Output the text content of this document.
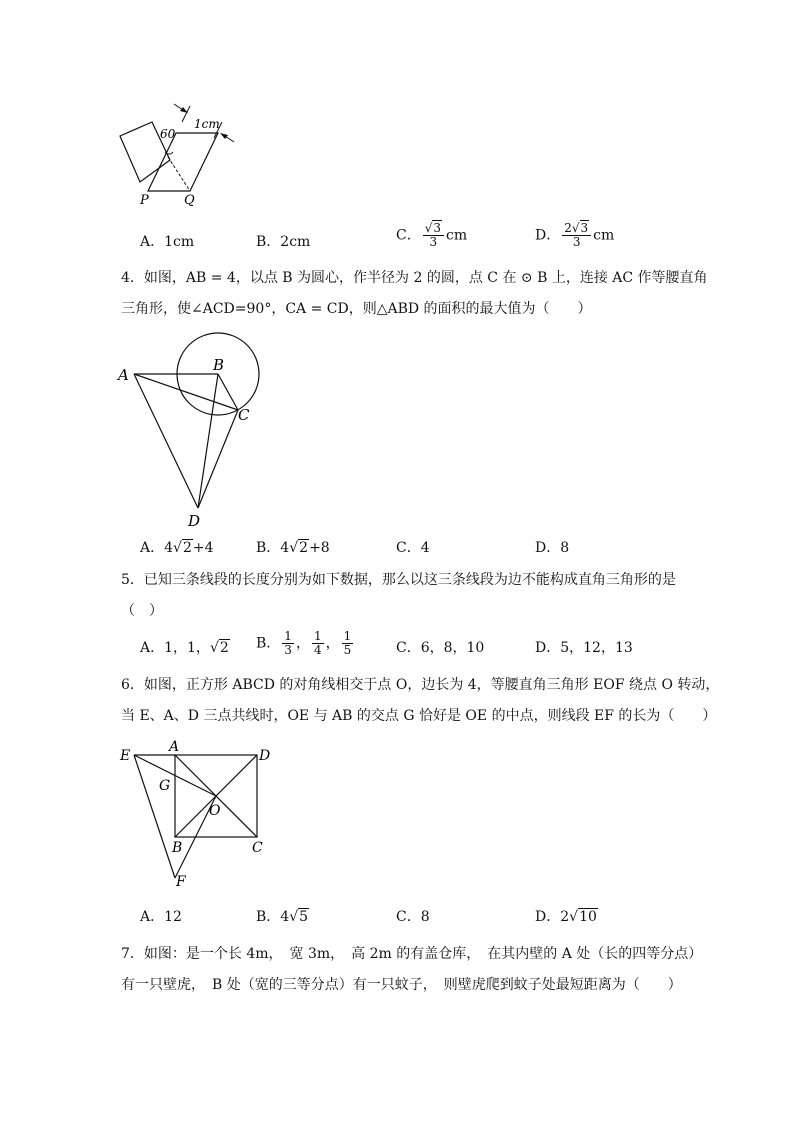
60
1cm
P	Q
A．1cm	B．2cm	C． $\frac{√3}{3}$ cm	D． $\frac{2√3}{3}$ cm
4．如图，AB = 4，以点 B 为圆心，作半径为 2 的圆，点 C 在 ⊙ B 上，连接 AC 作等腰直角
三角形，使∠ACD=90°，CA = CD，则△ABD 的面积的最大值为（　　）
A
B
C
D
A．4√2+4	B．4√2+8	C．4	D．8
5．已知三条线段的长度分别为如下数据，那么以这三条线段为边不能构成直角三角形的是
（　）
A．1，1，√2 B． $\frac{1}{3}$ ， $\frac{1}{4}$ ， $\frac{1}{5}$	C．6，8，10	D．5，12，13
6．如图，正方形 ABCD 的对角线相交于点 O，边长为 4，等腰直角三角形 EOF 绕点 O 转动，
当 E、A、D 三点共线时，OE 与 AB 的交点 G 恰好是 OE 的中点，则线段 EF 的长为（　　）
E
A
D
G
O
B	C
F
A．12	B．4√5	C．8	D．2√10
7．如图：是一个长 4m，　宽 3m，　高 2m 的有盖仓库，　在其内壁的 A 处（长的四等分点）
有一只壁虎，　B 处（宽的三等分点）有一只蚊子，　则壁虎爬到蚊子处最短距离为（　　）
